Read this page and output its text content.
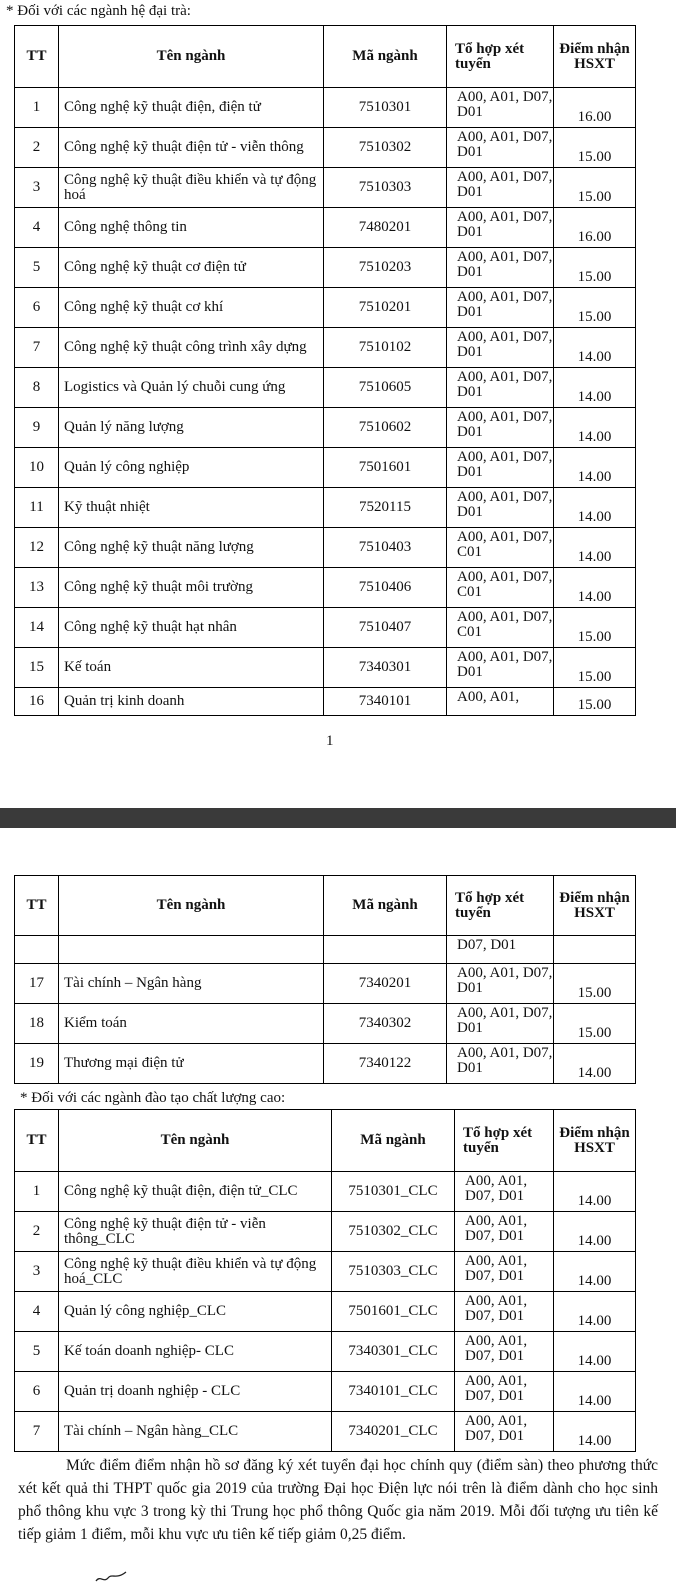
* Đối với các ngành hệ đại trà:
TT	Tên ngành	Mã ngành	Tổ hợp xét tuyển	Điểm nhận HSXT
1	Công nghệ kỹ thuật điện, điện tử	7510301	A00, A01, D07, D01	16.00
2	Công nghệ kỹ thuật điện tử - viễn thông	7510302	A00, A01, D07, D01	15.00
3	Công nghệ kỹ thuật điều khiển và tự động hoá	7510303	A00, A01, D07, D01	15.00
4	Công nghệ thông tin	7480201	A00, A01, D07, D01	16.00
5	Công nghệ kỹ thuật cơ điện tử	7510203	A00, A01, D07, D01	15.00
6	Công nghệ kỹ thuật cơ khí	7510201	A00, A01, D07, D01	15.00
7	Công nghệ kỹ thuật công trình xây dựng	7510102	A00, A01, D07, D01	14.00
8	Logistics và Quản lý chuỗi cung ứng	7510605	A00, A01, D07, D01	14.00
9	Quản lý năng lượng	7510602	A00, A01, D07, D01	14.00
10	Quản lý công nghiệp	7501601	A00, A01, D07, D01	14.00
11	Kỹ thuật nhiệt	7520115	A00, A01, D07, D01	14.00
12	Công nghệ kỹ thuật năng lượng	7510403	A00, A01, D07, C01	14.00
13	Công nghệ kỹ thuật môi trường	7510406	A00, A01, D07, C01	14.00
14	Công nghệ kỹ thuật hạt nhân	7510407	A00, A01, D07, C01	15.00
15	Kế toán	7340301	A00, A01, D07, D01	15.00
16	Quản trị kinh doanh	7340101	A00, A01,	15.00
1
TT	Tên ngành	Mã ngành	Tổ hợp xét tuyển	Điểm nhận HSXT
			D07, D01	
17	Tài chính – Ngân hàng	7340201	A00, A01, D07, D01	15.00
18	Kiểm toán	7340302	A00, A01, D07, D01	15.00
19	Thương mại điện tử	7340122	A00, A01, D07, D01	14.00
* Đối với các ngành đào tạo chất lượng cao:
TT	Tên ngành	Mã ngành	Tổ hợp xét tuyển	Điểm nhận HSXT
1	Công nghệ kỹ thuật điện, điện tử_CLC	7510301_CLC	A00, A01, D07, D01	14.00
2	Công nghệ kỹ thuật điện tử - viễn thông_CLC	7510302_CLC	A00, A01, D07, D01	14.00
3	Công nghệ kỹ thuật điều khiển và tự động hoá_CLC	7510303_CLC	A00, A01, D07, D01	14.00
4	Quản lý công nghiệp_CLC	7501601_CLC	A00, A01, D07, D01	14.00
5	Kế toán doanh nghiệp- CLC	7340301_CLC	A00, A01, D07, D01	14.00
6	Quản trị doanh nghiệp - CLC	7340101_CLC	A00, A01, D07, D01	14.00
7	Tài chính – Ngân hàng_CLC	7340201_CLC	A00, A01, D07, D01	14.00
Mức điểm điểm nhận hồ sơ đăng ký xét tuyển đại học chính quy (điểm sàn) theo phương thức xét kết quả thi THPT quốc gia 2019 của trường Đại học Điện lực nói trên là điểm dành cho học sinh phổ thông khu vực 3 trong kỳ thi Trung học phổ thông Quốc gia năm 2019. Mỗi đối tượng ưu tiên kế tiếp giảm 1 điểm, mỗi khu vực ưu tiên kế tiếp giảm 0,25 điểm.
